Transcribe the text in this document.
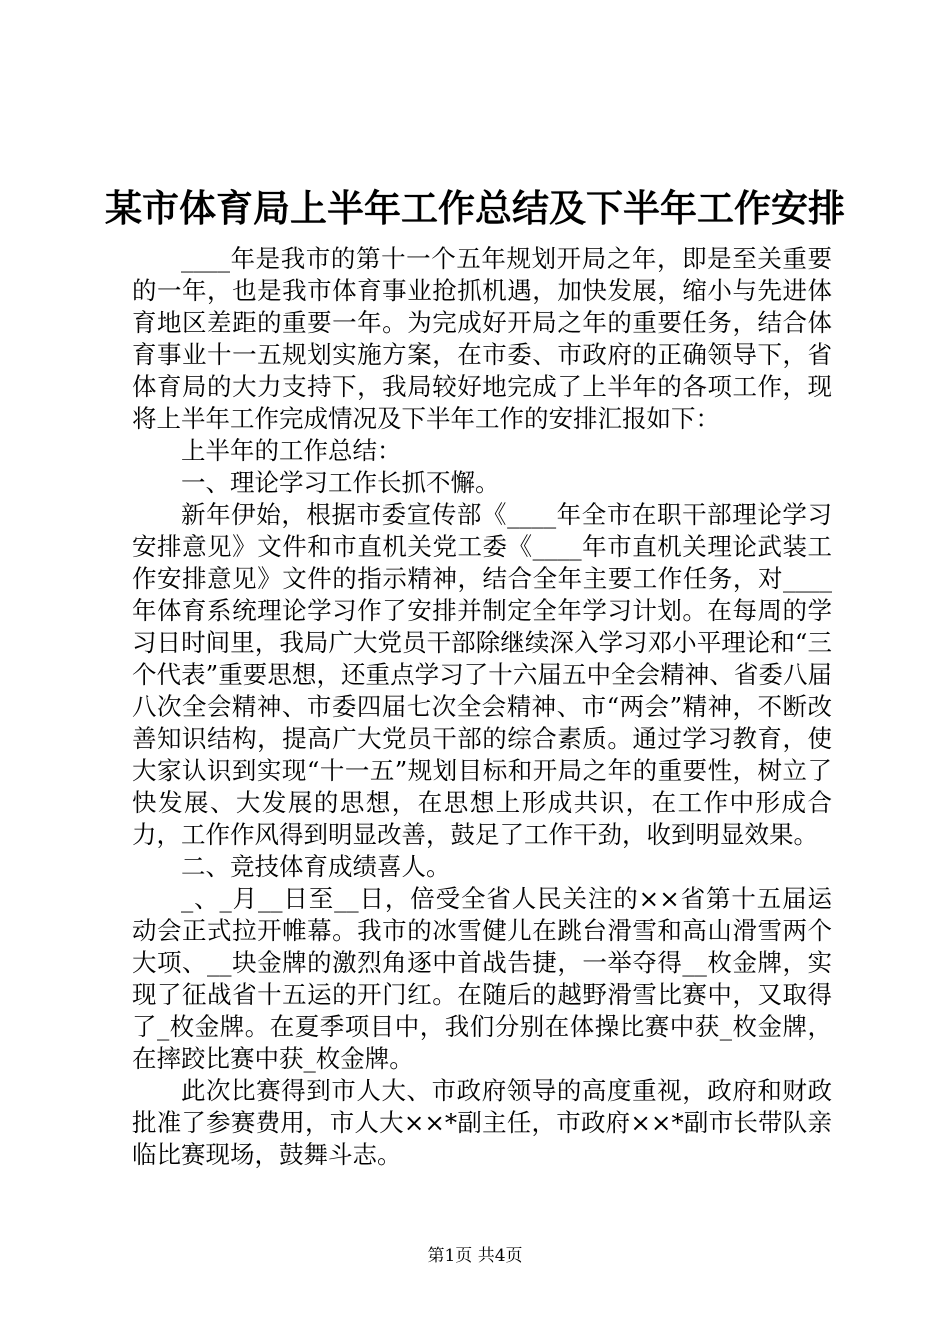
某市体育局上半年工作总结及下半年工作安排

____年是我市的第十一个五年规划开局之年，即是至关重要的一年，也是我市体育事业抢抓机遇，加快发展，缩小与先进体育地区差距的重要一年。为完成好开局之年的重要任务，结合体育事业十一五规划实施方案，在市委、市政府的正确领导下，省体育局的大力支持下，我局较好地完成了上半年的各项工作，现将上半年工作完成情况及下半年工作的安排汇报如下：

上半年的工作总结：

一、理论学习工作长抓不懈。

新年伊始，根据市委宣传部《____年全市在职干部理论学习安排意见》文件和市直机关党工委《____年市直机关理论武装工作安排意见》文件的指示精神，结合全年主要工作任务，对____年体育系统理论学习作了安排并制定全年学习计划。在每周的学习日时间里，我局广大党员干部除继续深入学习邓小平理论和“三个代表”重要思想，还重点学习了十六届五中全会精神、省委八届八次全会精神、市委四届七次全会精神、市“两会”精神，不断改善知识结构，提高广大党员干部的综合素质。通过学习教育，使大家认识到实现“十一五”规划目标和开局之年的重要性，树立了快发展、大发展的思想，在思想上形成共识，在工作中形成合力，工作作风得到明显改善，鼓足了工作干劲，收到明显效果。

二、竞技体育成绩喜人。

_、_月__日至__日，倍受全省人民关注的××省第十五届运动会正式拉开帷幕。我市的冰雪健儿在跳台滑雪和高山滑雪两个大项、__块金牌的激烈角逐中首战告捷，一举夺得__枚金牌，实现了征战省十五运的开门红。在随后的越野滑雪比赛中，又取得了_枚金牌。在夏季项目中，我们分别在体操比赛中获_枚金牌，在摔跤比赛中获_枚金牌。

此次比赛得到市人大、市政府领导的高度重视，政府和财政批准了参赛费用，市人大××*副主任，市政府××*副市长带队亲临比赛现场，鼓舞斗志。

第1页 共4页
